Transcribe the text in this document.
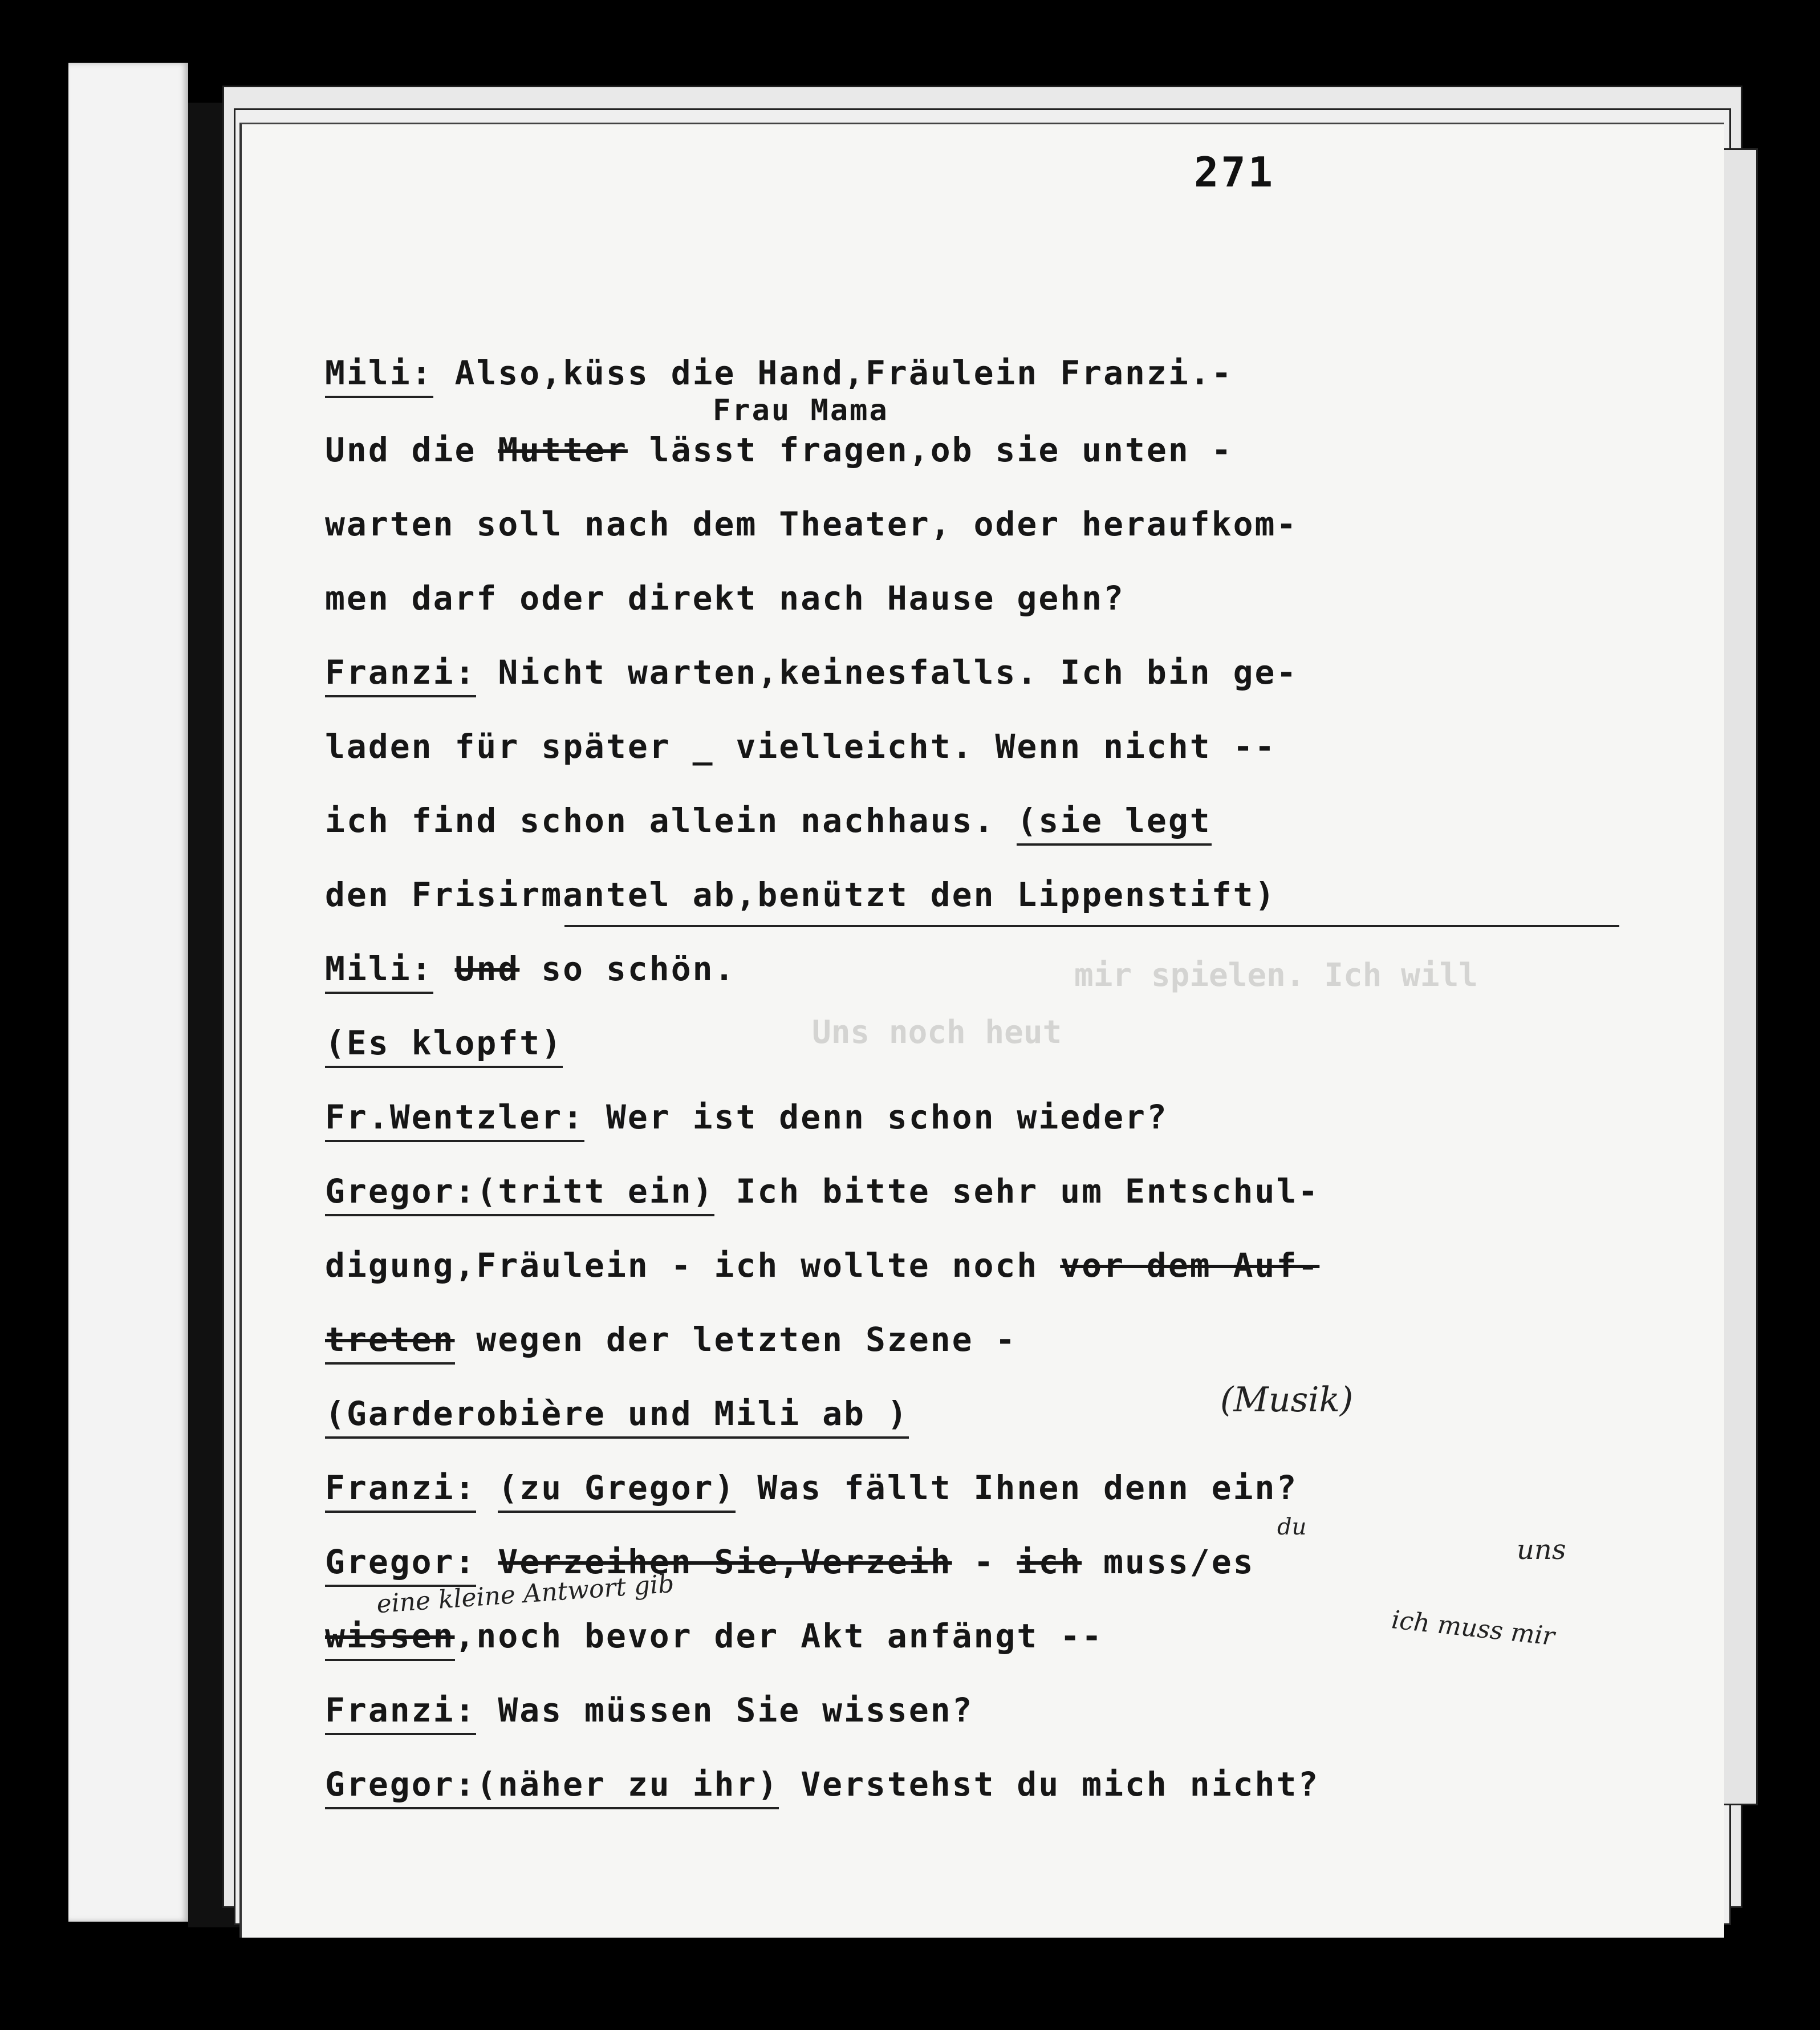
mir spielen. Ich will
Uns noch heut
271
Mili: Also,küss die Hand,Fräulein Franzi.-
Frau Mama
Und die Mutter lässt fragen,ob sie unten -
warten soll nach dem Theater, oder heraufkom-
men darf oder direkt nach Hause gehn?
Franzi: Nicht warten,keinesfalls. Ich bin ge-
laden für später _ vielleicht. Wenn nicht --
ich find schon allein nachhaus. (sie legt
den Frisirmantel ab,benützt den Lippenstift)
Mili: Und so schön.
(Es klopft)
Fr.Wentzler: Wer ist denn schon wieder?
Gregor:(tritt ein) Ich bitte sehr um Entschul-
digung,Fräulein - ich wollte noch vor dem Auf-
treten wegen der letzten Szene -
(Garderobière und Mili ab )	(Musik)
Franzi: (zu Gregor) Was fällt Ihnen denn ein?
du
Gregor: Verzeihen Sie,Verzeih - ich muss/es	uns
eine kleine Antwort gib
wissen,noch bevor der Akt anfängt --	ich muss mir
Franzi: Was müssen Sie wissen?
Gregor:(näher zu ihr) Verstehst du mich nicht?
